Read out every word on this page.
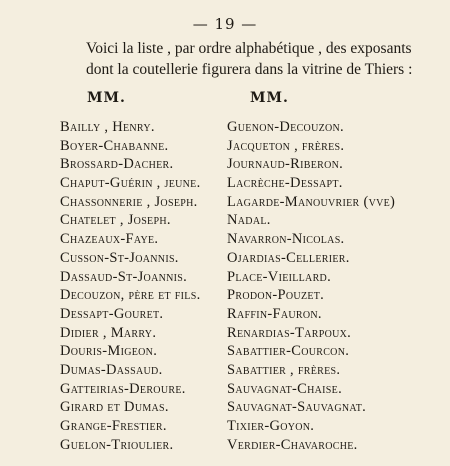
— 19 —
Voici la liste , par ordre alphabétique , des exposants

dont la coutellerie figurera dans la vitrine de Thiers :
MM.	MM.
Bailly , Henry.
Boyer-Chabanne.
Brossard-Dacher.
Chaput-Guérin , jeune.
Chassonnerie , Joseph.
Chatelet , Joseph.
Chazeaux-Faye.
Cusson-St-Joannis.
Dassaud-St-Joannis.
Decouzon, père et fils.
Dessapt-Gouret.
Didier , Marry.
Douris-Migeon.
Dumas-Dassaud.
Gatteirias-Deroure.
Girard et Dumas.
Grange-Frestier.
Guelon-Trioulier.
Guenon-Decouzon.
Jacqueton , frères.
Journaud-Riberon.
Lacrèche-Dessapt.
Lagarde-Manouvrier (vve)
Nadal.
Navarron-Nicolas.
Ojardias-Cellerier.
Place-Vieillard.
Prodon-Pouzet.
Raffin-Fauron.
Renardias-Tarpoux.
Sabattier-Courcon.
Sabattier , frères.
Sauvagnat-Chaise.
Sauvagnat-Sauvagnat.
Tixier-Goyon.
Verdier-Chavaroche.
